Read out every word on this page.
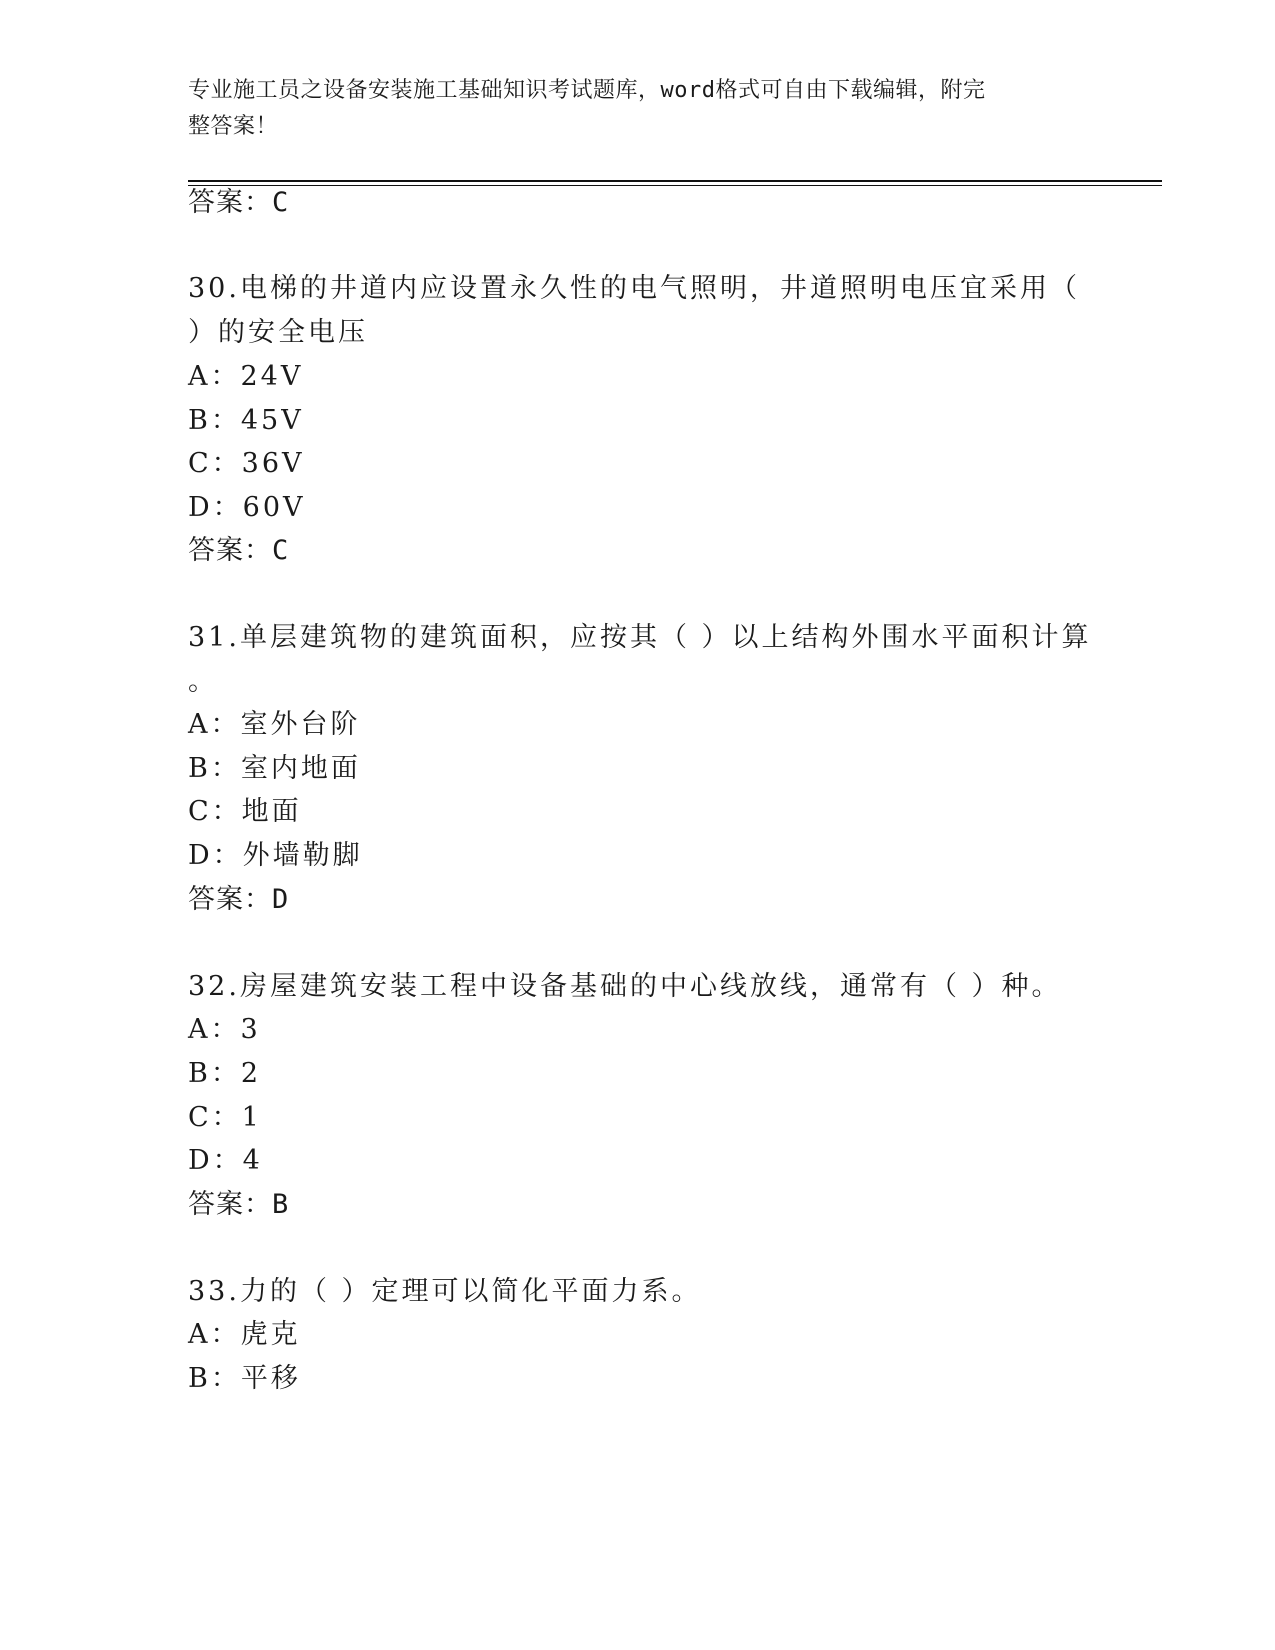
专业施工员之设备安装施工基础知识考试题库，word格式可自由下载编辑，附完
整答案！
答案：C
30.电梯的井道内应设置永久性的电气照明，井道照明电压宜采用（
）的安全电压
A：24V
B：45V
C：36V
D：60V
答案：C
31.单层建筑物的建筑面积，应按其（ ）以上结构外围水平面积计算
。
A：室外台阶
B：室内地面
C：地面
D：外墙勒脚
答案：D
32.房屋建筑安装工程中设备基础的中心线放线，通常有（ ）种。
A：3
B：2
C：1
D：4
答案：B
33.力的（ ）定理可以简化平面力系。
A：虎克
B：平移
